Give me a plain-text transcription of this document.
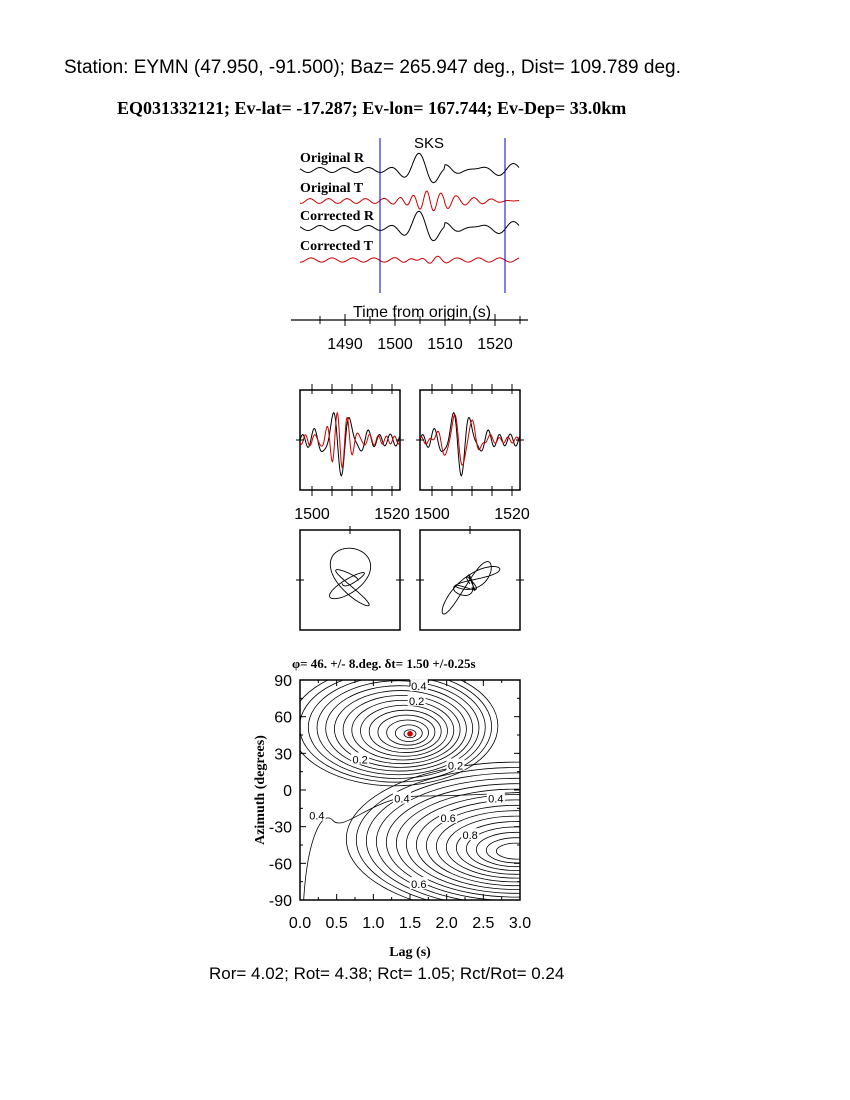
Station: EYMN (47.950, -91.500); Baz= 265.947 deg., Dist= 109.789 deg.
EQ031332121; Ev-lat= -17.287; Ev-lon= 167.744; Ev-Dep= 33.0km
SKS
Original R
Original T
Corrected R
Corrected T
Time from origin (s)
1490 1500 1510 1520
1500	1520 1500	1520
φ= 46. +/- 8.deg. δt= 1.50 +/-0.25s
0.4
0.2
0.2
0.2
0.4	0.4
0.4	0.6
0.8
0.6
0.0 0.5 1.0 1.5 2.0 2.5 3.0
90
60
30
0
-30
-60
-90
Lag (s)
Azimuth (degrees)
Ror= 4.02; Rot= 4.38; Rct= 1.05; Rct/Rot= 0.24
